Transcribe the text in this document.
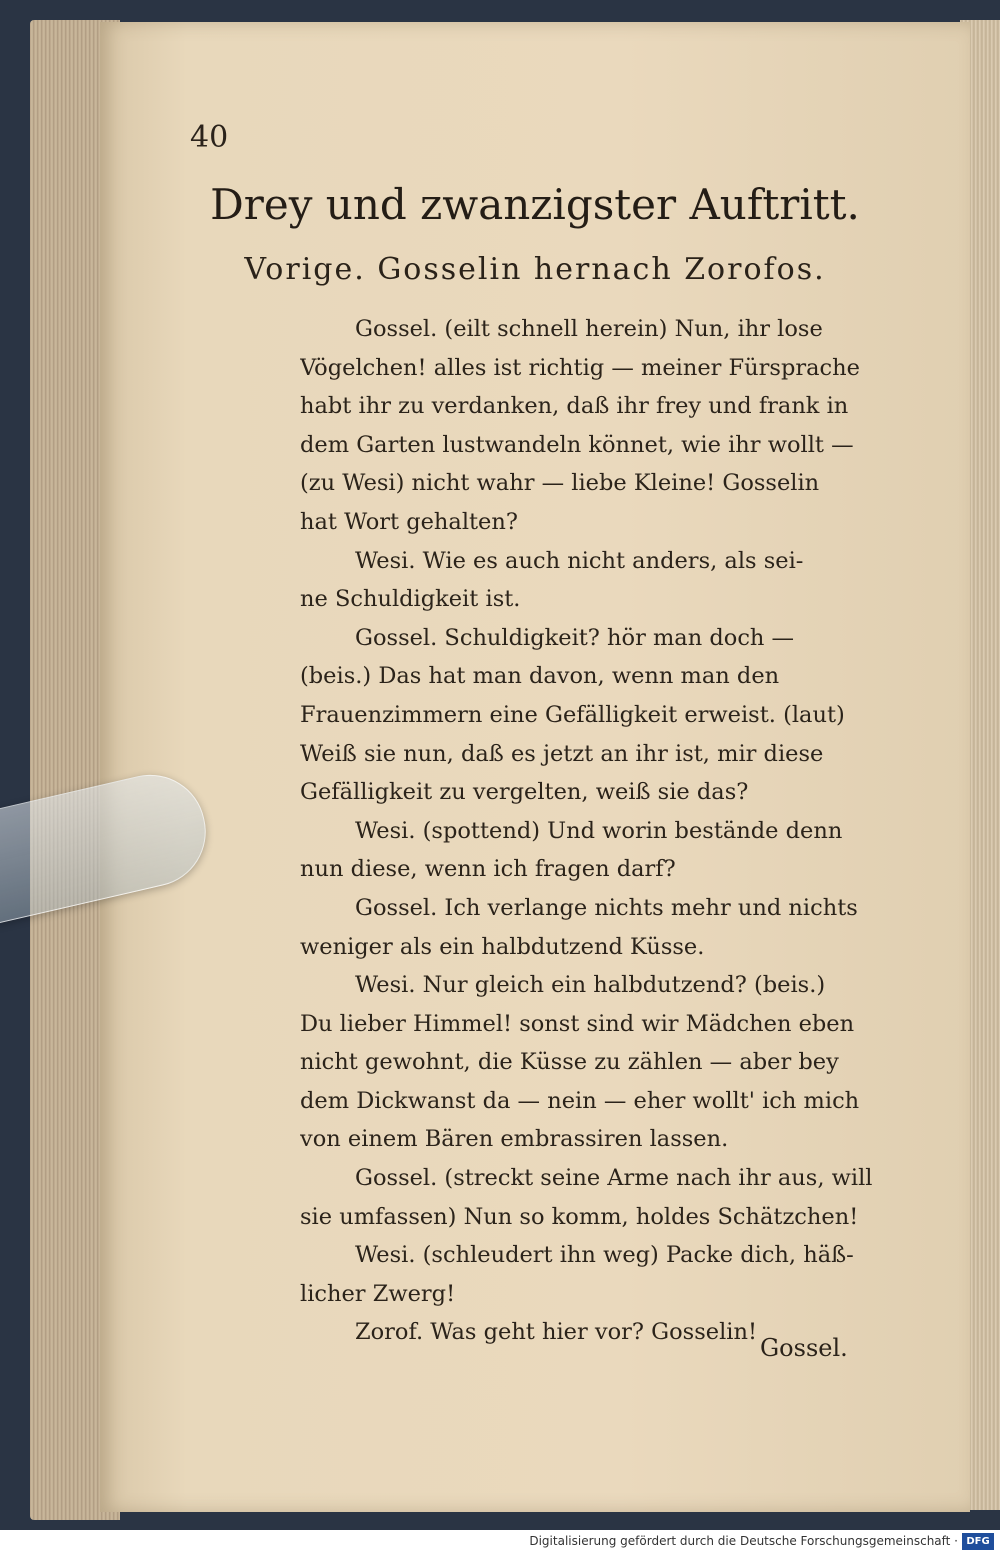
40
Drey und zwanzigster Auftritt.
Vorige. Gosselin hernach Zorofos.
Gossel. (eilt schnell herein) Nun, ihr lose
Vögelchen! alles ist richtig — meiner Fürsprache
habt ihr zu verdanken, daß ihr frey und frank in
dem Garten lustwandeln könnet, wie ihr wollt —
(zu Wesi) nicht wahr — liebe Kleine! Gosselin
hat Wort gehalten?
Wesi. Wie es auch nicht anders, als sei-
ne Schuldigkeit ist.
Gossel. Schuldigkeit? hör man doch —
(beis.) Das hat man davon, wenn man den
Frauenzimmern eine Gefälligkeit erweist. (laut)
Weiß sie nun, daß es jetzt an ihr ist, mir diese
Gefälligkeit zu vergelten, weiß sie das?
Wesi. (spottend) Und worin bestände denn
nun diese, wenn ich fragen darf?
Gossel. Ich verlange nichts mehr und nichts
weniger als ein halbdutzend Küsse.
Wesi. Nur gleich ein halbdutzend? (beis.)
Du lieber Himmel! sonst sind wir Mädchen eben
nicht gewohnt, die Küsse zu zählen — aber bey
dem Dickwanst da — nein — eher wollt' ich mich
von einem Bären embrassiren lassen.
Gossel. (streckt seine Arme nach ihr aus, will
sie umfassen) Nun so komm, holdes Schätzchen!
Wesi. (schleudert ihn weg) Packe dich, häß-
licher Zwerg!
Zorof. Was geht hier vor? Gosselin!
Gossel.
Digitalisierung gefördert durch die Deutsche Forschungsgemeinschaft · DFG
